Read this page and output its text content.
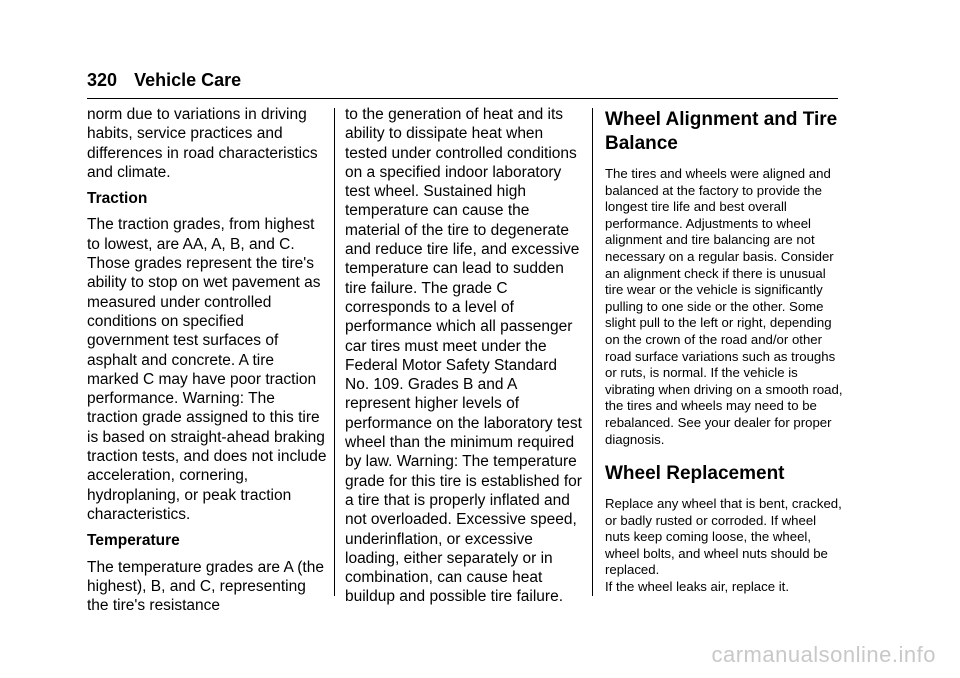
320 Vehicle Care

norm due to variations in driving habits, service practices and differences in road characteristics and climate.

Traction

The traction grades, from highest to lowest, are AA, A, B, and C. Those grades represent the tire's ability to stop on wet pavement as measured under controlled conditions on specified government test surfaces of asphalt and concrete. A tire marked C may have poor traction performance. Warning: The traction grade assigned to this tire is based on straight-ahead braking traction tests, and does not include acceleration, cornering, hydroplaning, or peak traction characteristics.

Temperature

The temperature grades are A (the highest), B, and C, representing the tire's resistance

to the generation of heat and its ability to dissipate heat when tested under controlled conditions on a specified indoor laboratory test wheel. Sustained high temperature can cause the material of the tire to degenerate and reduce tire life, and excessive temperature can lead to sudden tire failure. The grade C corresponds to a level of performance which all passenger car tires must meet under the Federal Motor Safety Standard No. 109. Grades B and A represent higher levels of performance on the laboratory test wheel than the minimum required by law. Warning: The temperature grade for this tire is established for a tire that is properly inflated and not overloaded. Excessive speed, underinflation, or excessive loading, either separately or in combination, can cause heat buildup and possible tire failure.

Wheel Alignment and Tire Balance

The tires and wheels were aligned and balanced at the factory to provide the longest tire life and best overall performance. Adjustments to wheel alignment and tire balancing are not necessary on a regular basis. Consider an alignment check if there is unusual tire wear or the vehicle is significantly pulling to one side or the other. Some slight pull to the left or right, depending on the crown of the road and/or other road surface variations such as troughs or ruts, is normal. If the vehicle is vibrating when driving on a smooth road, the tires and wheels may need to be rebalanced. See your dealer for proper diagnosis.

Wheel Replacement

Replace any wheel that is bent, cracked, or badly rusted or corroded. If wheel nuts keep coming loose, the wheel, wheel bolts, and wheel nuts should be replaced.

If the wheel leaks air, replace it.

carmanualsonline.info
